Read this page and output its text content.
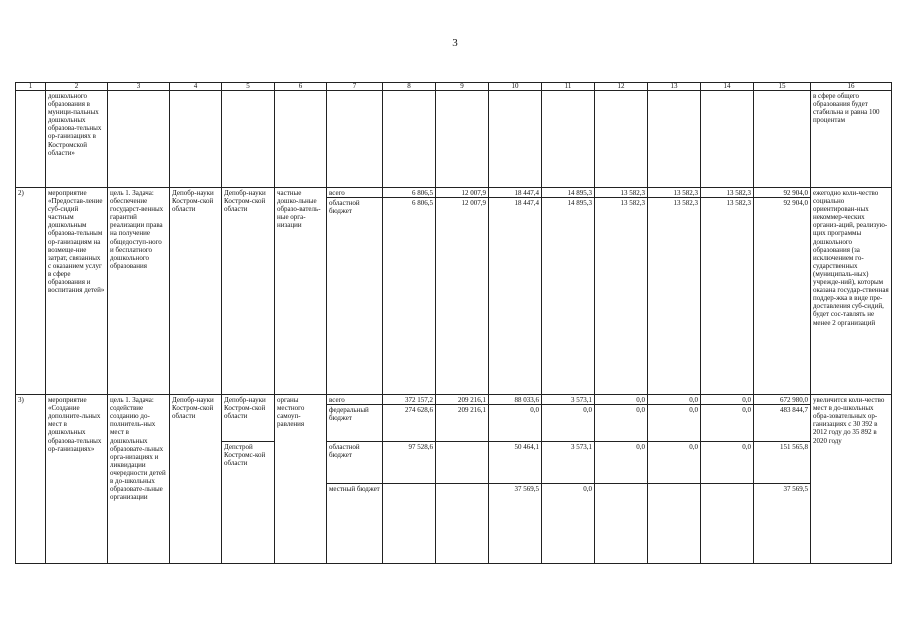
3
1	2	3	4	5	6	7	8	9	10	11	12	13	14	15	16
	дошкольного образования в муници-пальных дошкольных образова-тельных ор-ганизациях в Костромской области»														в сфере общего образования будет стабильна и равна 100 процентам
2)	мероприятие «Предостав-ление суб-сидий частным дошкольным образова-тельным ор-ганизациям на возмеще-ние затрат, связанных с оказанием услуг в сфере образования и воспитания детей»	цель 1. Задача: обеспечение государст-венных гарантий реализации права на получение общедоступ-ного и бесплатного дошкольного образования	Депобр-науки Костром-ской области	Депобр-науки Костром-ской области	частные дошко-льные образо-ватель-ные орга-низации	всего	6 806,5	12 007,9	18 447,4	14 895,3	13 582,3	13 582,3	13 582,3	92 904,0	ежегодно коли-чество социально ориентирован-ных некоммер-ческих организ-аций, реализую-щих программы дошкольного образования (за исключением го-сударственных (муниципаль-ных) учрежде-ний), которым оказана государ-ственная поддер-жка в виде пре-доставления суб-сидий, будет сос-тавлять не менее 2 организаций
						областной бюджет	6 806,5	12 007,9	18 447,4	14 895,3	13 582,3	13 582,3	13 582,3	92 904,0	
3)	мероприятие «Создание дополните-льных мест в дошкольных образова-тельных ор-ганизациях»	цель 1. Задача: содействие созданию до-полнитель-ных мест в дошкольных образовате-льных орга-низациях и ликвидации очередности детей в до-школьных образовате-льные организации	Депобр-науки Костром-ской области	Депобр-науки Костром-ской области	органы местного самоуп-равления	всего	372 157,2	209 216,1	88 033,6	3 573,1	0,0	0,0	0,0	672 980,0	увеличится коли-чество мест в до-школьных обра-зовательных ор-ганизациях с 30 392 в 2012 году до 35 892 в 2020 году
						федеральный бюджет	274 628,6	209 216,1	0,0	0,0	0,0	0,0	0,0	483 844,7	
				Депстрой Костромс-кой области		областной бюджет	97 528,6		50 464,1	3 573,1	0,0	0,0	0,0	151 565,8	
						местный бюджет			37 569,5	0,0				37 569,5	
